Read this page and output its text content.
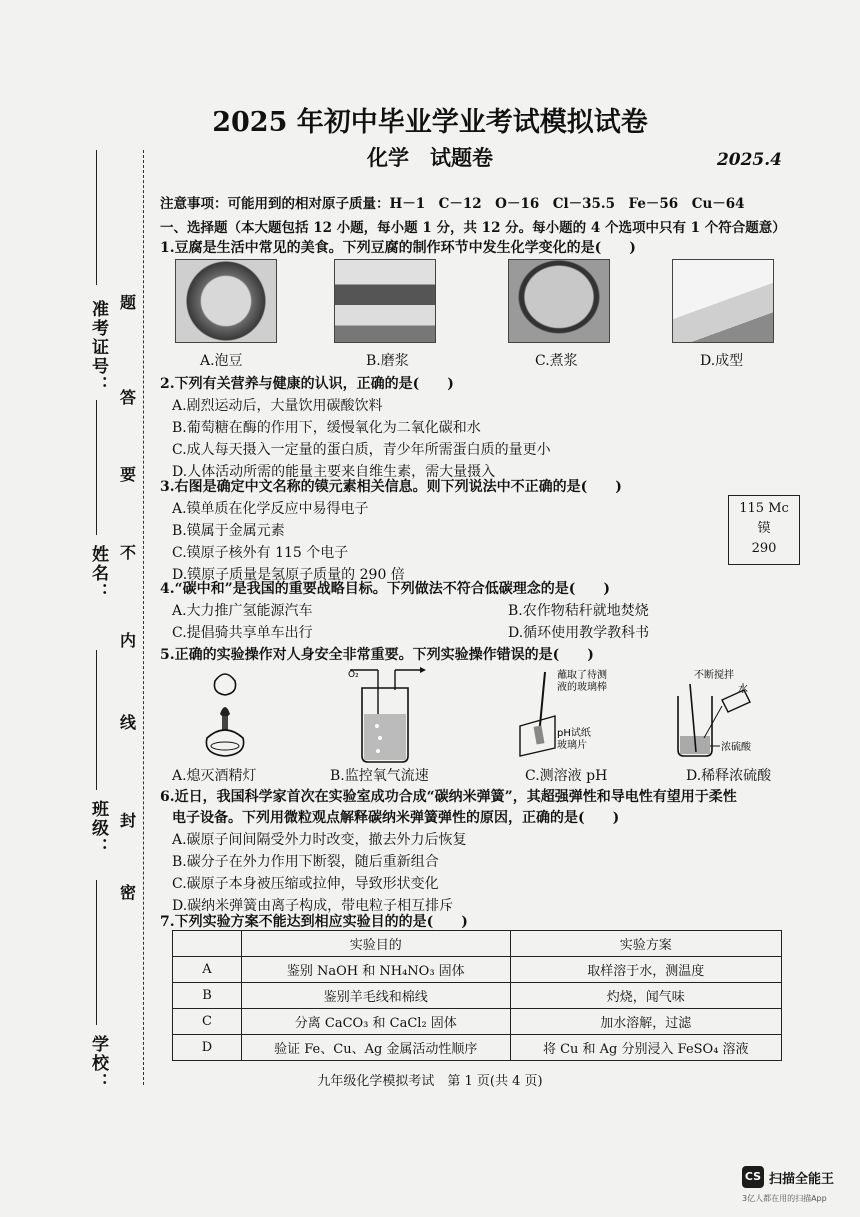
准考证号：
姓名：
班级：
学校：
题
答
要
不
内
线
封
密
2025 年初中毕业学业考试模拟试卷
化学　试题卷	2025.4
注意事项：可能用到的相对原子质量：H－1　C－12　O－16　Cl－35.5　Fe－56　Cu－64
一、选择题（本大题包括 12 小题，每小题 1 分，共 12 分。每小题的 4 个选项中只有 1 个符合题意）
1.豆腐是生活中常见的美食。下列豆腐的制作环节中发生化学变化的是(　　)
A.泡豆	B.磨浆	C.煮浆	D.成型
2.下列有关营养与健康的认识，正确的是(　　)
A.剧烈运动后，大量饮用碳酸饮料
B.葡萄糖在酶的作用下，缓慢氧化为二氧化碳和水
C.成人每天摄入一定量的蛋白质，青少年所需蛋白质的量更小
D.人体活动所需的能量主要来自维生素，需大量摄入
3.右图是确定中文名称的镆元素相关信息。则下列说法中不正确的是(　　)
A.镆单质在化学反应中易得电子
B.镆属于金属元素
C.镆原子核外有 115 个电子
D.镆原子质量是氢原子质量的 290 倍
115 Mc
镆
290
4.“碳中和”是我国的重要战略目标。下列做法不符合低碳理念的是(　　)
A.大力推广氢能源汽车	B.农作物秸秆就地焚烧
C.提倡骑共享单车出行	D.循环使用教学教科书
5.正确的实验操作对人身安全非常重要。下列实验操作错误的是(　　)
O₂	蘸取了待测
液的玻璃棒
pH试纸
玻璃片
不断搅拌
水
浓硫酸
A.熄灭酒精灯	B.监控氧气流速	C.测溶液 pH	D.稀释浓硫酸
6.近日，我国科学家首次在实验室成功合成“碳纳米弹簧”，其超强弹性和导电性有望用于柔性
电子设备。下列用微粒观点解释碳纳米弹簧弹性的原因，正确的是(　　)
A.碳原子间间隔受外力时改变，撤去外力后恢复
B.碳分子在外力作用下断裂，随后重新组合
C.碳原子本身被压缩或拉伸，导致形状变化
D.碳纳米弹簧由离子构成，带电粒子相互排斥
7.下列实验方案不能达到相应实验目的的是(　　)
	实验目的	实验方案
A	鉴别 NaOH 和 NH₄NO₃ 固体	取样溶于水，测温度
B	鉴别羊毛线和棉线	灼烧，闻气味
C	分离 CaCO₃ 和 CaCl₂ 固体	加水溶解，过滤
D	验证 Fe、Cu、Ag 金属活动性顺序	将 Cu 和 Ag 分别浸入 FeSO₄ 溶液
九年级化学模拟考试　第 1 页(共 4 页)
CS 扫描全能王
3亿人都在用的扫描App
